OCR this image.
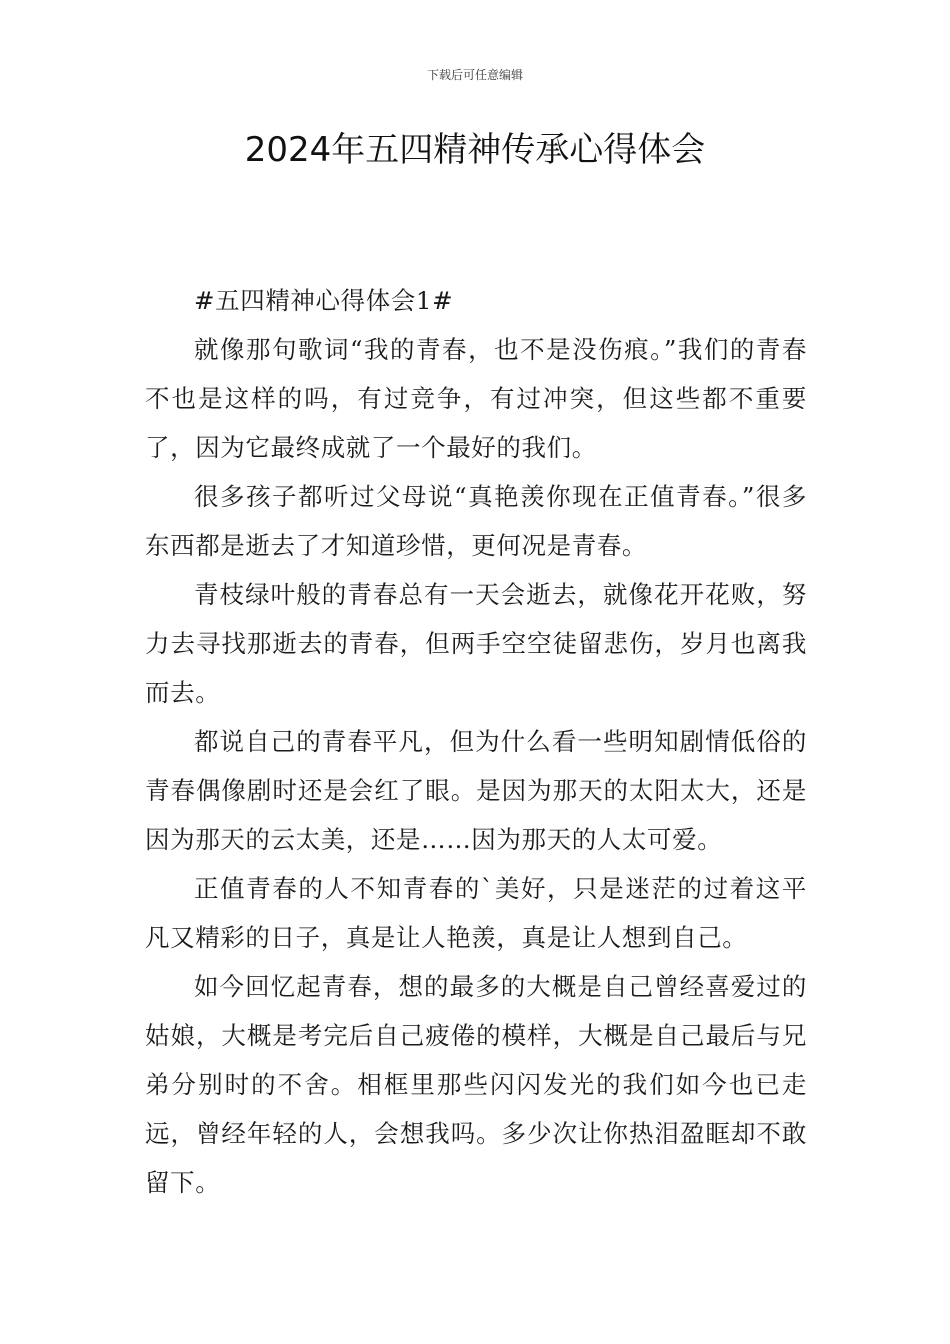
下载后可任意编辑
2024年五四精神传承心得体会

#五四精神心得体会1#

就像那句歌词“我的青春，也不是没伤痕。”我们的青春不也是这样的吗，有过竞争，有过冲突，但这些都不重要了，因为它最终成就了一个最好的我们。

很多孩子都听过父母说“真艳羡你现在正值青春。”很多东西都是逝去了才知道珍惜，更何况是青春。

青枝绿叶般的青春总有一天会逝去，就像花开花败，努力去寻找那逝去的青春，但两手空空徒留悲伤，岁月也离我而去。

都说自己的青春平凡，但为什么看一些明知剧情低俗的青春偶像剧时还是会红了眼。是因为那天的太阳太大，还是因为那天的云太美，还是……因为那天的人太可爱。

正值青春的人不知青春的`美好，只是迷茫的过着这平凡又精彩的日子，真是让人艳羡，真是让人想到自己。

如今回忆起青春，想的最多的大概是自己曾经喜爱过的姑娘，大概是考完后自己疲倦的模样，大概是自己最后与兄弟分别时的不舍。相框里那些闪闪发光的我们如今也已走远，曾经年轻的人，会想我吗。多少次让你热泪盈眶却不敢留下。
